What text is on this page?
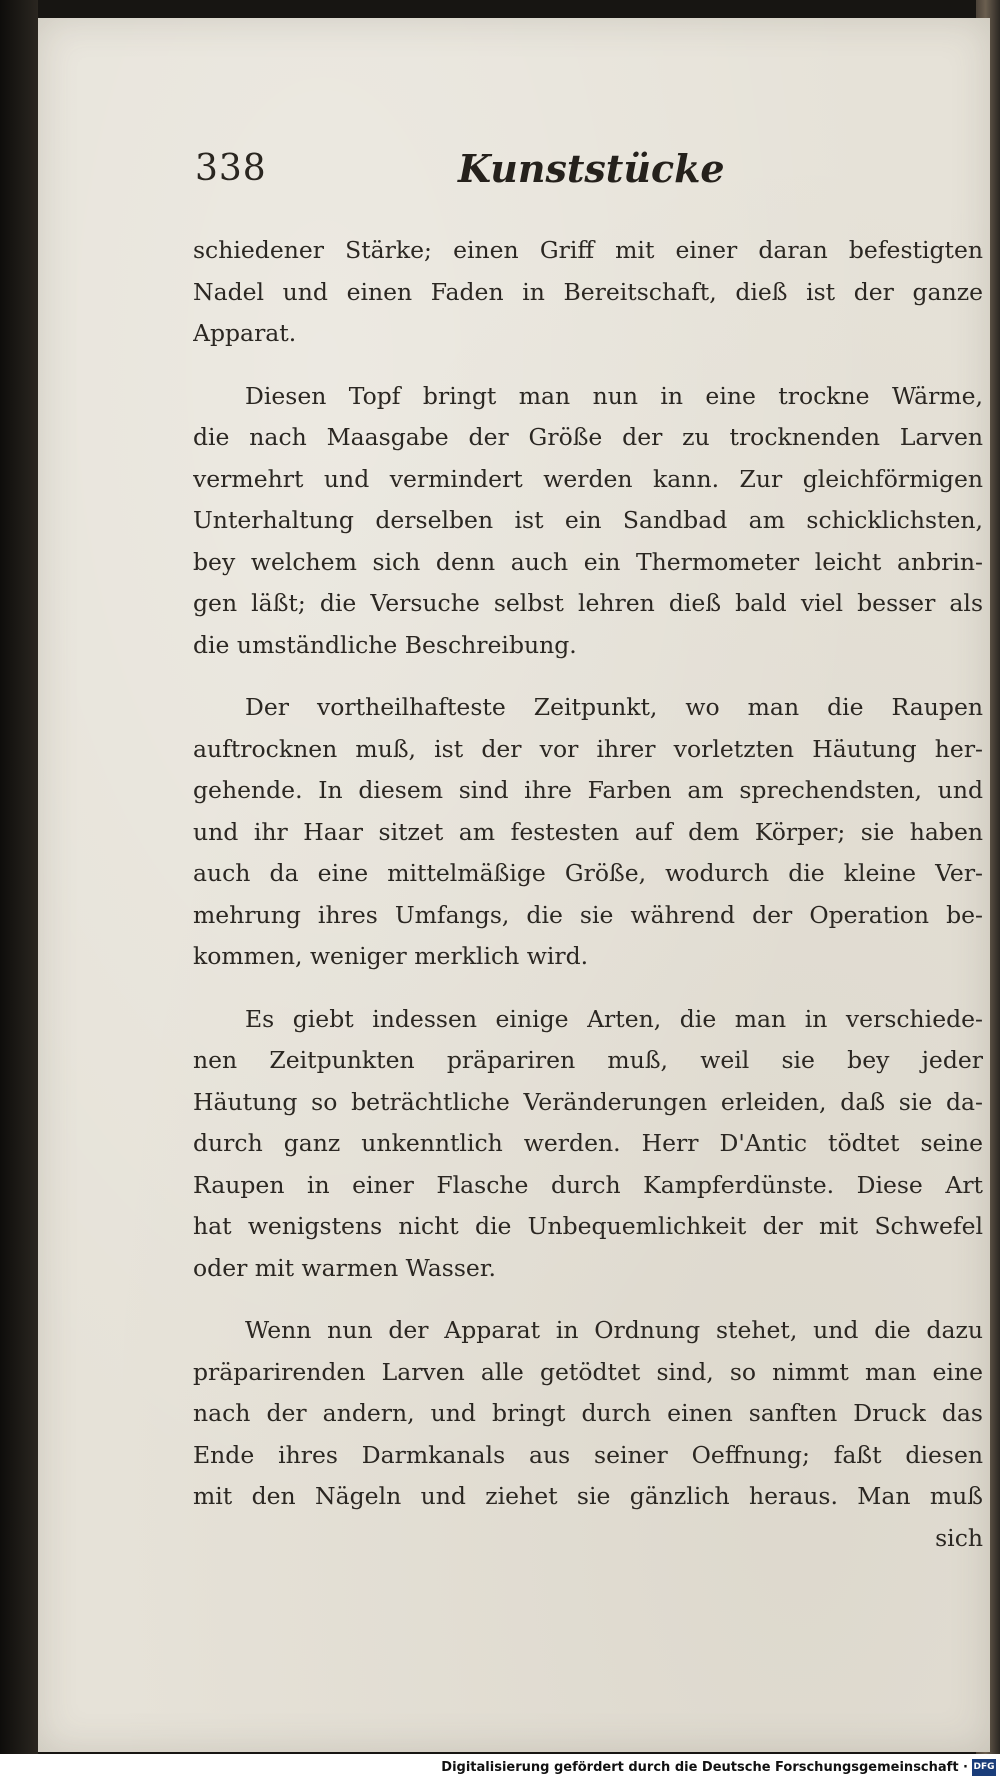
338	Kunststücke
schiedener Stärke; einen Griff mit einer daran befestigten
Nadel und einen Faden in Bereitschaft, dieß ist der ganze
Apparat.
Diesen Topf bringt man nun in eine trockne Wärme,
die nach Maasgabe der Größe der zu trocknenden Larven
vermehrt und vermindert werden kann. Zur gleichförmigen
Unterhaltung derselben ist ein Sandbad am schicklichsten,
bey welchem sich denn auch ein Thermometer leicht anbrin-
gen läßt; die Versuche selbst lehren dieß bald viel besser als
die umständliche Beschreibung.
Der vortheilhafteste Zeitpunkt, wo man die Raupen
auftrocknen muß, ist der vor ihrer vorletzten Häutung her-
gehende. In diesem sind ihre Farben am sprechendsten, und
und ihr Haar sitzet am festesten auf dem Körper; sie haben
auch da eine mittelmäßige Größe, wodurch die kleine Ver-
mehrung ihres Umfangs, die sie während der Operation be-
kommen, weniger merklich wird.
Es giebt indessen einige Arten, die man in verschiede-
nen Zeitpunkten präpariren muß, weil sie bey jeder
Häutung so beträchtliche Veränderungen erleiden, daß sie da-
durch ganz unkenntlich werden. Herr D'Antic tödtet seine
Raupen in einer Flasche durch Kampferdünste. Diese Art
hat wenigstens nicht die Unbequemlichkeit der mit Schwefel
oder mit warmen Wasser.
Wenn nun der Apparat in Ordnung stehet, und die dazu
präparirenden Larven alle getödtet sind, so nimmt man eine
nach der andern, und bringt durch einen sanften Druck das
Ende ihres Darmkanals aus seiner Oeffnung; faßt diesen
mit den Nägeln und ziehet sie gänzlich heraus. Man muß
sich
Digitalisierung gefördert durch die Deutsche Forschungsgemeinschaft · DFG
